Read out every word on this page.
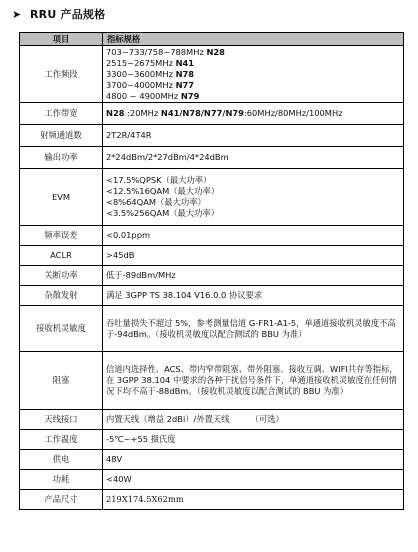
➤ RRU 产品规格
项目	指标规格
工作频段	703~733/758~788MHz N28
2515~2675MHz N41
3300~3600MHz N78
3700~4000MHz N77
4800 ~ 4900MHz N79

工作带宽	N28 :20MHz N41/N78/N77/N79:60MHz/80MHz/100MHz

射频通道数	2T2R/4T4R
输出功率	2*24dBm/2*27dBm/4*24dBm
EVM	<17.5%QPSK（最大功率）
<12.5%16QAM（最大功率）
<8%64QAM（最大功率）
<3.5%256QAM（最大功率）

频率误差	<0.01ppm
ACLR	>45dB
关断功率	低于-89dBm/MHz
杂散发射	满足 3GPP TS 38.104 V16.0.0 协议要求
接收机灵敏度	吞吐量损失不超过 5%，参考测量信道 G-FR1-A1-5，单通道接收机灵敏度不高于-94dBm。（接收机灵敏度以配合测试的 BBU 为准）

阻塞	信道内选择性、ACS、带内窄带阻塞、带外阻塞、接收互调、WIFI共存等指标，在 3GPP 38.104 中要求的各种干扰信号条件下，单通道接收机灵敏度在任何情况下均不高于-88dBm。（接收机灵敏度以配合测试的 BBU 为准）

天线接口	内置天线（增益 2dBi）/外置天线        （可选）
工作温度	-5℃~+55 摄氏度
供电	48V
功耗	<40W
产品尺寸	219X174.5X62mm
